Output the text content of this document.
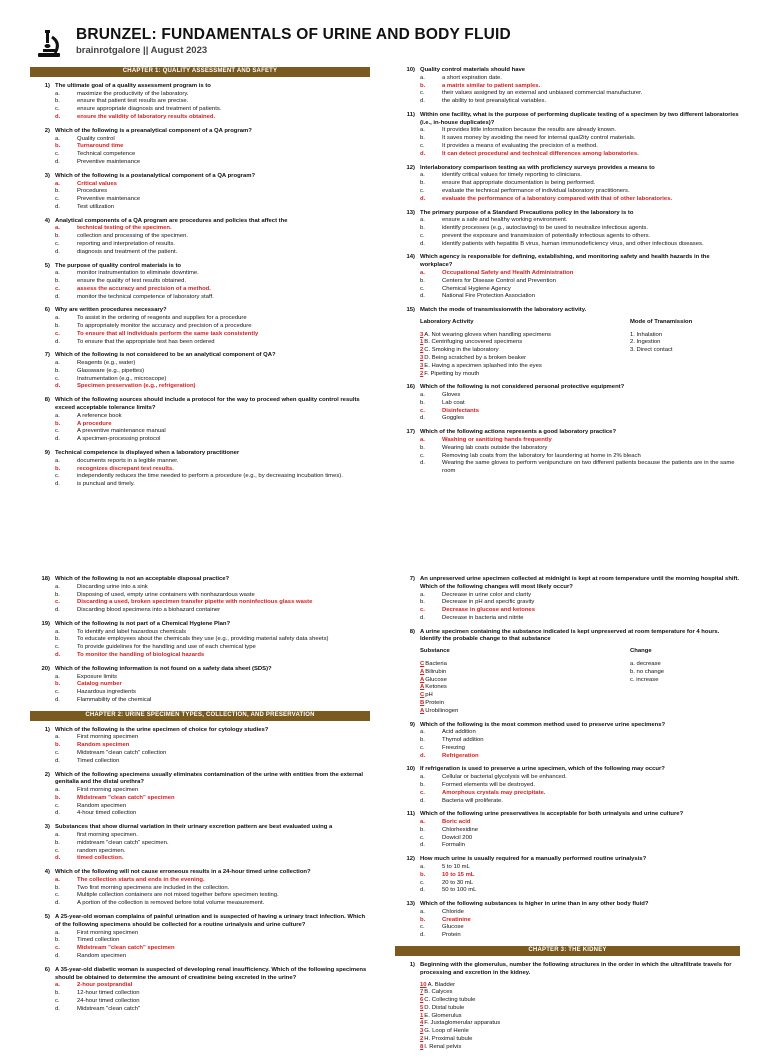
BRUNZEL: FUNDAMENTALS OF URINE AND BODY FLUID
brainrotgalore || August 2023
CHAPTER 1: QUALITY ASSESSMENT AND SAFETY
1) The ultimate goal of a quality assessment program is to
a.	maximize the productivity of the laboratory.
b.	ensure that patient test results are precise.
c.	ensure appropriate diagnosis and treatment of patients.
d.	ensure the validity of laboratory results obtained.
2) Which of the following is a preanalytical component of a QA program?
a.	Quality control
b.	Turnaround time
c.	Technical competence
d.	Preventive maintenance
3) Which of the following is a postanalytical component of a QA program?
a.	Critical values
b.	Procedures
c.	Preventive maintenance
d.	Test utilization
4) Analytical components of a QA program are procedures and policies that affect the
a.	technical testing of the specimen.
b.	collection and processing of the specimen.
c.	reporting and interpretation of results.
d.	diagnosis and treatment of the patient.
5) The purpose of quality control materials is to
a.	monitor instrumentation to eliminate downtime.
b.	ensure the quality of test results obtained.
c.	assess the accuracy and precision of a method.
d.	monitor the technical competence of laboratory staff.
6) Why are written procedures necessary?
a.	To assist in the ordering of reagents and supplies for a procedure
b.	To appropriately monitor the accuracy and precision of a procedure
c.	To ensure that all individuals perform the same task consistently
d.	To ensure that the appropriate test has been ordered
7) Which of the following is not considered to be an analytical component of QA?
a.	Reagents (e.g., water)
b.	Glassware (e.g., pipettes)
c.	Instrumentation (e.g., microscope)
d.	Specimen preservation (e.g., refrigeration)
8) Which of the following sources should include a protocol for the way to proceed when quality control results exceed acceptable tolerance limits?
a.	A reference book
b.	A procedure
c.	A preventive maintenance manual
d.	A specimen-processing protocol
9) Technical competence is displayed when a laboratory practitioner
a.	documents reports in a legible manner.
b.	recognizes discrepant test results.
c.	independently reduces the time needed to perform a procedure (e.g., by decreasing incubation times).
d.	is punctual and timely.
10) Quality control materials should have
a.	a short expiration date.
b.	a matrix similar to patient samples.
c.	their values assigned by an external and unbiased commercial manufacturer.
d.	the ability to test preanalytical variables.
11) Within one facility, what is the purpose of performing duplicate testing of a specimen by two different laboratories (i.e., in-house duplicates)?
a.	It provides little information because the results are already known.
b.	It saves money by avoiding the need for internal qual2ity control materials.
c.	It provides a means of evaluating the precision of a method.
d.	It can detect procedural and technical differences among laboratories.
12) Interlaboratory comparison testing as with proficiency surveys provides a means to
a.	identify critical values for timely reporting to clinicians.
b.	ensure that appropriate documentation is being performed.
c.	evaluate the technical performance of individual laboratory practitioners.
d.	evaluate the performance of a laboratory compared with that of other laboratories.
13) The primary purpose of a Standard Precautions policy in the laboratory is to
a.	ensure a safe and healthy working environment.
b.	identify processes (e.g., autoclaving) to be used to neutralize infectious agents.
c.	prevent the exposure and transmission of potentially infectious agents to others.
d.	identify patients with hepatitis B virus, human immunodeficiency virus, and other infectious diseases.
14) Which agency is responsible for defining, establishing, and monitoring safety and health hazards in the workplace?
a.	Occupational Safety and Health Administration
b.	Centers for Disease Control and Prevention
c.	Chemical Hygiene Agency
d.	National Fire Protection Association
15) Match the mode of transmissionwith the laboratory activity.
Laboratory Activity	Mode of Tranamission
3A. Not wearing gloves when handling specimens	1. Inhalation
1B. Centrifuging uncovered specimens	2. Ingestion
2C. Smoking in the laboratory	3. Direct contact
3D. Being scratched by a broken beaker
3E. Having a specimen splashed into the eyes
2F. Pipetting by mouth
16) Which of the following is not considered personal protective equipment?
a.	Gloves
b.	Lab coat
c.	Disinfectants
d.	Goggles
17) Which of the following actions represents a good laboratory practice?
a.	Washing or sanitizing hands frequently
b.	Wearing lab coats outside the laboratory
c.	Removing lab coats from the laboratory for laundering at home in 2% bleach
d.	Wearing the same gloves to perform venipuncture on two different patients because the patients are in the same room
18) Which of the following is not an acceptable disposal practice?
a.	Discarding urine into a sink
b.	Disposing of used, empty urine containers with nonhazardous waste
c.	Discarding a used, broken specimen transfer pipette with noninfectious glass waste
d.	Discarding blood specimens into a biohazard container
19) Which of the following is not part of a Chemical Hygiene Plan?
a.	To identify and label hazardous chemicals
b.	To educate employees about the chemicals they use (e.g., providing material safety data sheets)
c.	To provide guidelines for the handling and use of each chemical type
d.	To monitor the handling of biological hazards
20) Which of the following information is not found on a safety data sheet (SDS)?
a.	Exposure limits
b.	Catalog number
c.	Hazardous ingredients
d.	Flammability of the chemical
CHAPTER 2: URINE SPECIMEN TYPES, COLLECTION, AND PRESERVATION
1) Which of the following is the urine specimen of choice for cytology studies?
a.	First morning specimen
b.	Random specimen
c.	Midstream "clean catch" collection
d.	Timed collection
2) Which of the following specimens usually eliminates contamination of the urine with entities from the external genitalia and the distal urethra?
a.	First morning specimen
b.	Midstream "clean catch" specimen
c.	Random specimen
d.	4-hour timed collection
3) Substances that show diurnal variation in their urinary excretion pattern are best evaluated using a
a.	first morning specimen.
b.	midstream "clean catch" specimen.
c.	random specimen.
d.	timed collection.
4) Which of the following will not cause erroneous results in a 24-hour timed urine collection?
a.	The collection starts and ends in the evening.
b.	Two first morning specimens are included in the collection.
c.	Multiple collection containers are not mixed together before specimen testing.
d.	A portion of the collection is removed before total volume measurement.
5) A 25-year-old woman complains of painful urination and is suspected of having a urinary tract infection. Which of the following specimens should be collected for a routine urinalysis and urine culture?
a.	First morning specimen
b.	Timed collection
c.	Midstream "clean catch" specimen
d.	Random specimen
6) A 35-year-old diabetic woman is suspected of developing renal insufficiency. Which of the following specimens should be obtained to determine the amount of creatinine being excreted in the urine?
a.	2-hour postprandial
b.	12-hour timed collection
c.	24-hour timed collection
d.	Midstream "clean catch"
7) An unpreserved urine specimen collected at midnight is kept at room temperature until the morning hospital shift. Which of the following changes will most likely occur?
a.	Decrease in urine color and clarity
b.	Decrease in pH and specific gravity
c.	Decrease in glucose and ketones
d.	Decrease in bacteria and nitrite
8) A urine specimen containing the substance indicated is kept unpreserved at room temperature for 4 hours. Identify the probable change to that substance
Substance	Change
CBacteria	a. decrease
ABilirubin	b. no change
AGlucose	c. increase
AKetones
CpH
BProtein
AUrobilinogen
9) Which of the following is the most common method used to preserve urine specimens?
a.	Acid addition
b.	Thymol addition
c.	Freezing
d.	Refrigeration
10) If refrigeration is used to preserve a urine specimen, which of the following may occur?
a.	Cellular or bacterial glycolysis will be enhanced.
b.	Formed elements will be destroyed.
c.	Amorphous crystals may precipitate.
d.	Bacteria will proliferate.
11) Which of the following urine preservatives is acceptable for both urinalysis and urine culture?
a.	Boric acid
b.	Chlorhexidine
c.	Dowicil 200
d.	Formalin
12) How much urine is usually required for a manually performed routine urinalysis?
a.	5 to 10 mL
b.	10 to 15 mL
c.	20 to 30 mL
d.	50 to 100 mL
13) Which of the following substances is higher in urine than in any other body fluid?
a.	Chloride
b.	Creatinine
c.	Glucose
d.	Protein
CHAPTER 3: THE KIDNEY
1) Beginning with the glomerulus, number the following structures in the order in which the ultrafiltrate travels for processing and excretion in the kidney.
10 A. Bladder
7 B. Calyces
6 C. Collecting tubule
5 D. Distal tubule
1 E. Glomerulus
4 F. Juxtaglomerular apparatus
3 G. Loop of Henle
2 H. Proximal tubule
8 I. Renal pelvis
